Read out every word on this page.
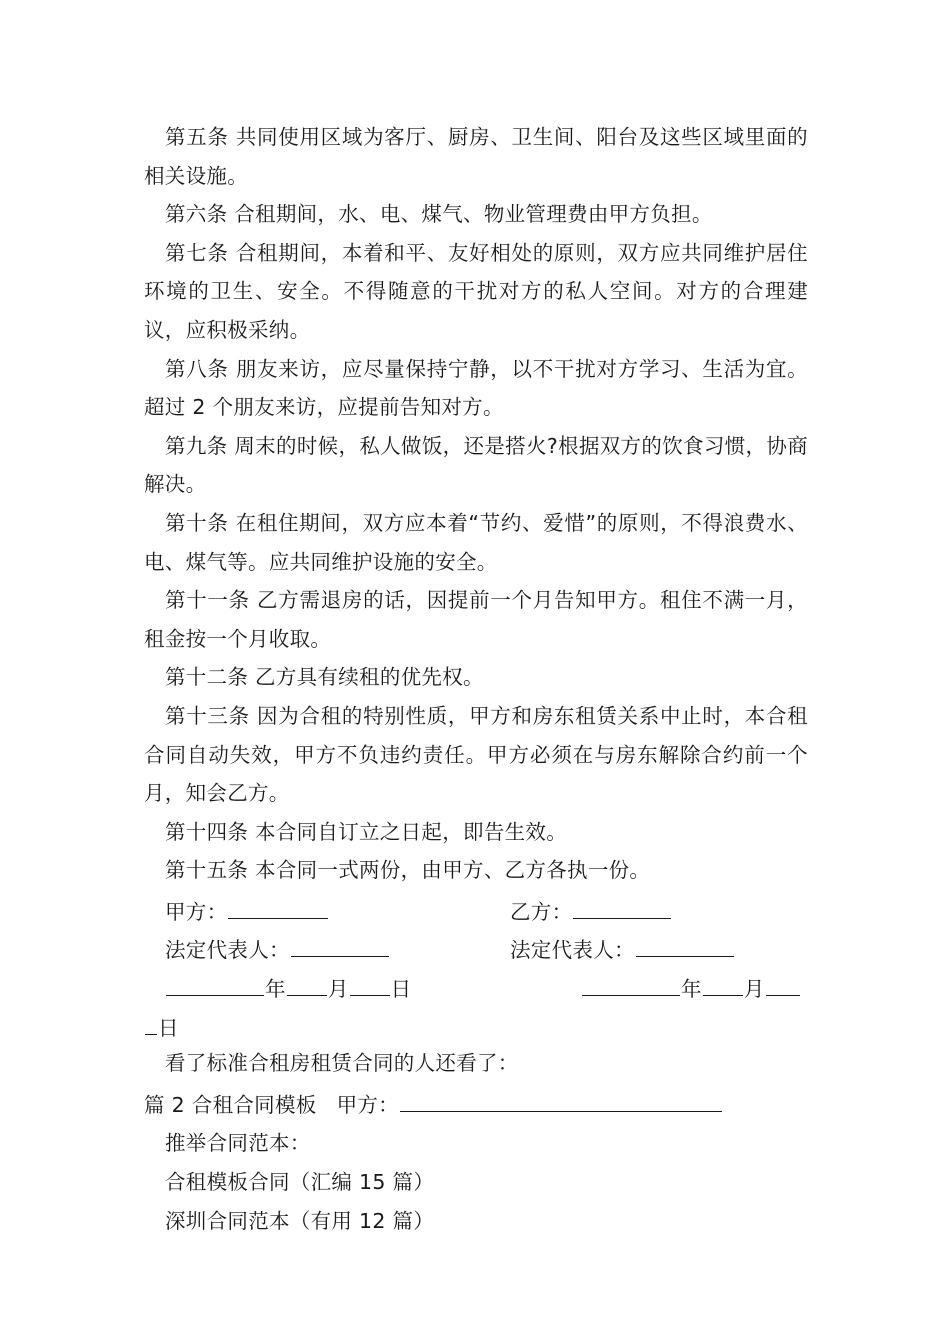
第五条 共同使用区域为客厅、厨房、卫生间、阳台及这些区域里面的相关设施。

第六条 合租期间，水、电、煤气、物业管理费由甲方负担。

第七条 合租期间，本着和平、友好相处的原则，双方应共同维护居住环境的卫生、安全。不得随意的干扰对方的私人空间。对方的合理建议，应积极采纳。

第八条 朋友来访，应尽量保持宁静，以不干扰对方学习、生活为宜。超过 2 个朋友来访，应提前告知对方。

第九条 周末的时候，私人做饭，还是搭火?根据双方的饮食习惯，协商解决。

第十条 在租住期间，双方应本着“节约、爱惜”的原则，不得浪费水、电、煤气等。应共同维护设施的安全。

第十一条 乙方需退房的话，因提前一个月告知甲方。租住不满一月，租金按一个月收取。

第十二条 乙方具有续租的优先权。

第十三条 因为合租的特别性质，甲方和房东租赁关系中止时，本合租合同自动失效，甲方不负违约责任。甲方必须在与房东解除合约前一个月，知会乙方。

第十四条 本合同自订立之日起，即告生效。

第十五条 本合同一式两份，由甲方、乙方各执一份。

甲方：	乙方：
法定代表人：	法定代表人：
年 月 日	年 月
日

看了标准合租房租赁合同的人还看了：

篇 2 合租合同模板 甲方：

推举合同范本：

合租模板合同（汇编 15 篇）

深圳合同范本（有用 12 篇）
